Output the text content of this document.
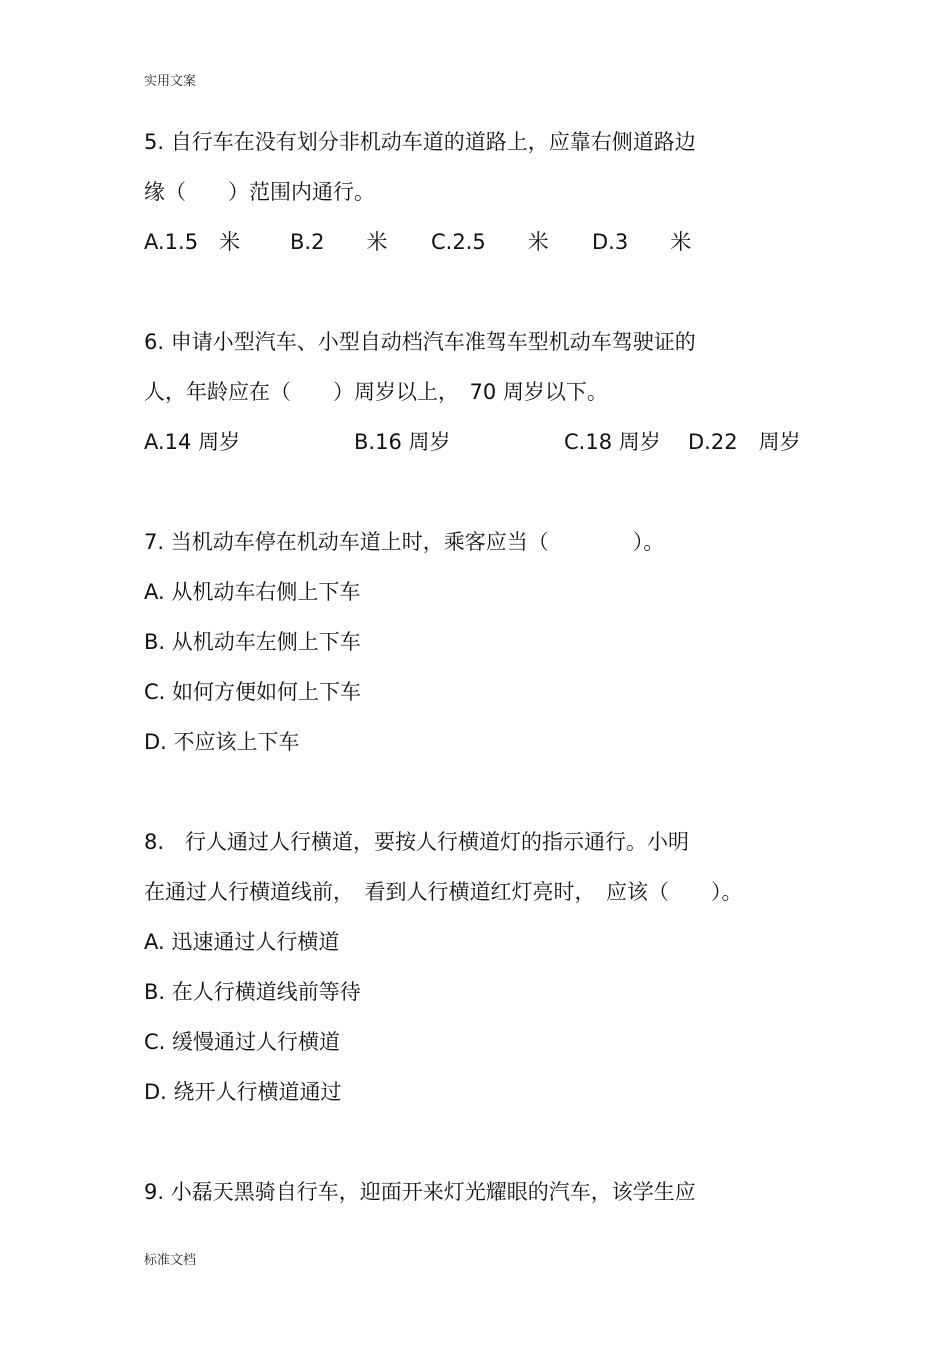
实用文案
5. 自行车在没有划分非机动车道的道路上，应靠右侧道路边
缘（　　）范围内通行。
A.1.5　米 B.2　　米 C.2.5　　米 D.3　　米
6. 申请小型汽车、小型自动档汽车准驾车型机动车驾驶证的
人，年龄应在（　　）周岁以上，　70 周岁以下。
A.14 周岁	B.16 周岁	C.18 周岁 D.22　周岁
7. 当机动车停在机动车道上时，乘客应当（　　　　）。
A. 从机动车右侧上下车
B. 从机动车左侧上下车
C. 如何方便如何上下车
D. 不应该上下车
8.　行人通过人行横道，要按人行横道灯的指示通行。小明
在通过人行横道线前，　看到人行横道红灯亮时，　应该（　　）。
A. 迅速通过人行横道
B. 在人行横道线前等待
C. 缓慢通过人行横道
D. 绕开人行横道通过
9. 小磊天黑骑自行车，迎面开来灯光耀眼的汽车，该学生应
标准文档
